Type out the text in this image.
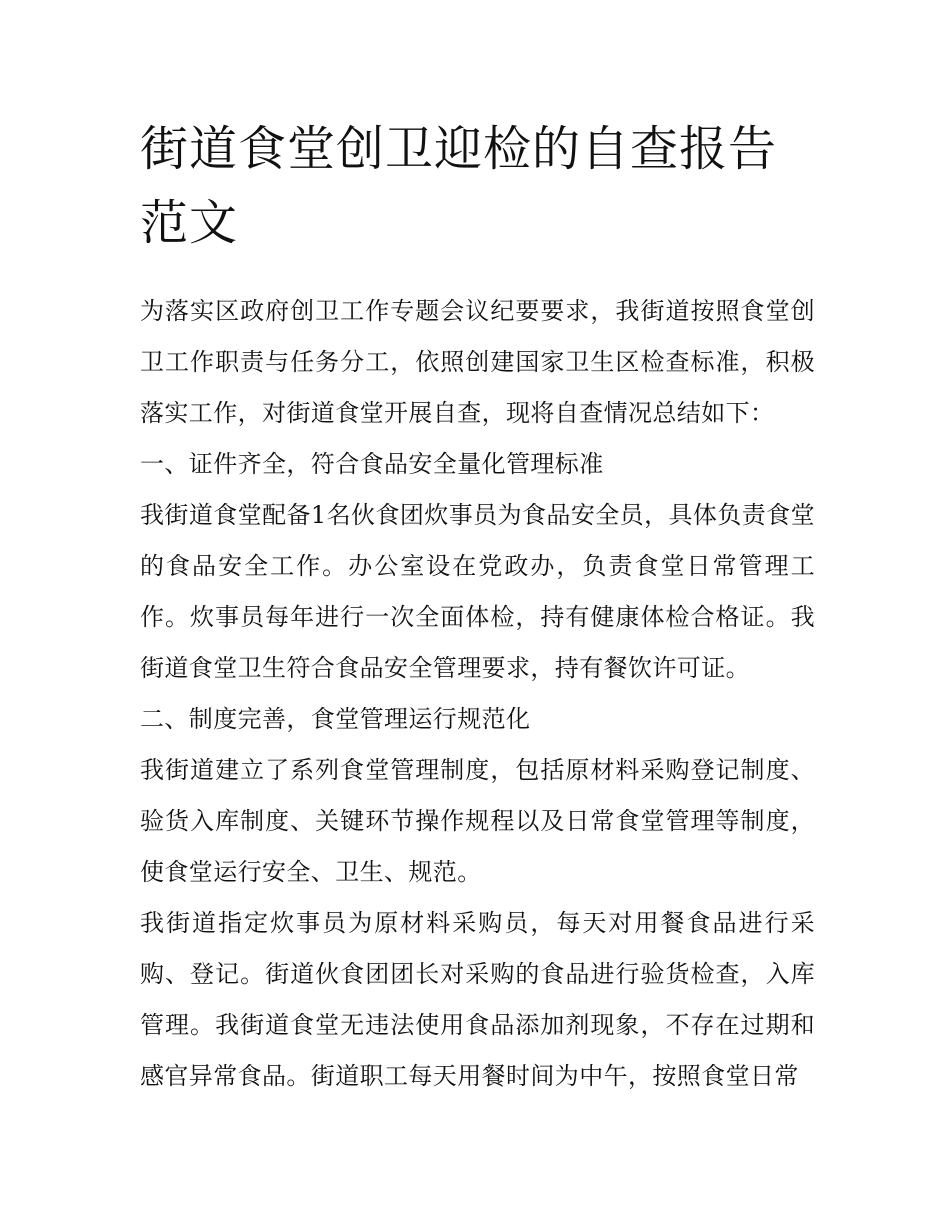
街道食堂创卫迎检的自查报告
范文

为落实区政府创卫工作专题会议纪要要求，我街道按照食堂创卫工作职责与任务分工，依照创建国家卫生区检查标准，积极落实工作，对街道食堂开展自查，现将自查情况总结如下：

一、证件齐全，符合食品安全量化管理标准

我街道食堂配备1名伙食团炊事员为食品安全员，具体负责食堂的食品安全工作。办公室设在党政办，负责食堂日常管理工作。炊事员每年进行一次全面体检，持有健康体检合格证。我街道食堂卫生符合食品安全管理要求，持有餐饮许可证。

二、制度完善，食堂管理运行规范化

我街道建立了系列食堂管理制度，包括原材料采购登记制度、验货入库制度、关键环节操作规程以及日常食堂管理等制度，使食堂运行安全、卫生、规范。

我街道指定炊事员为原材料采购员，每天对用餐食品进行采购、登记。街道伙食团团长对采购的食品进行验货检查，入库管理。我街道食堂无违法使用食品添加剂现象，不存在过期和感官异常食品。街道职工每天用餐时间为中午，按照食堂日常
